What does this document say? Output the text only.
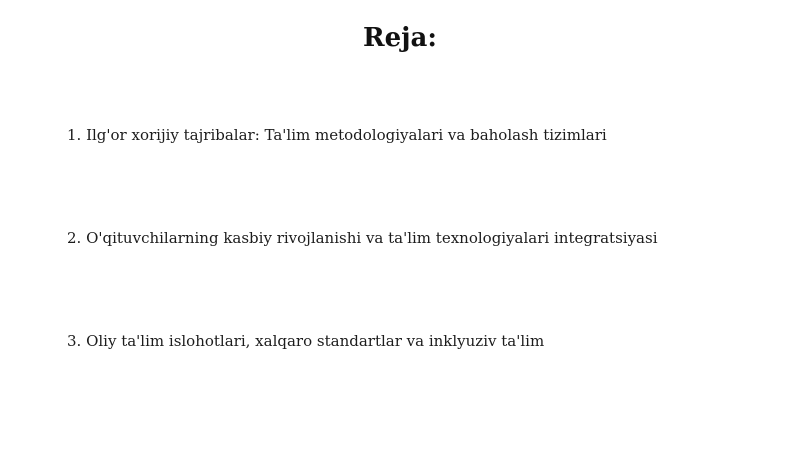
Reja:
1. Ilg'or xorijiy tajribalar: Ta'lim metodologiyalari va baholash tizimlari
2. O'qituvchilarning kasbiy rivojlanishi va ta'lim texnologiyalari integratsiyasi
3. Oliy ta'lim islohotlari, xalqaro standartlar va inklyuziv ta'lim
